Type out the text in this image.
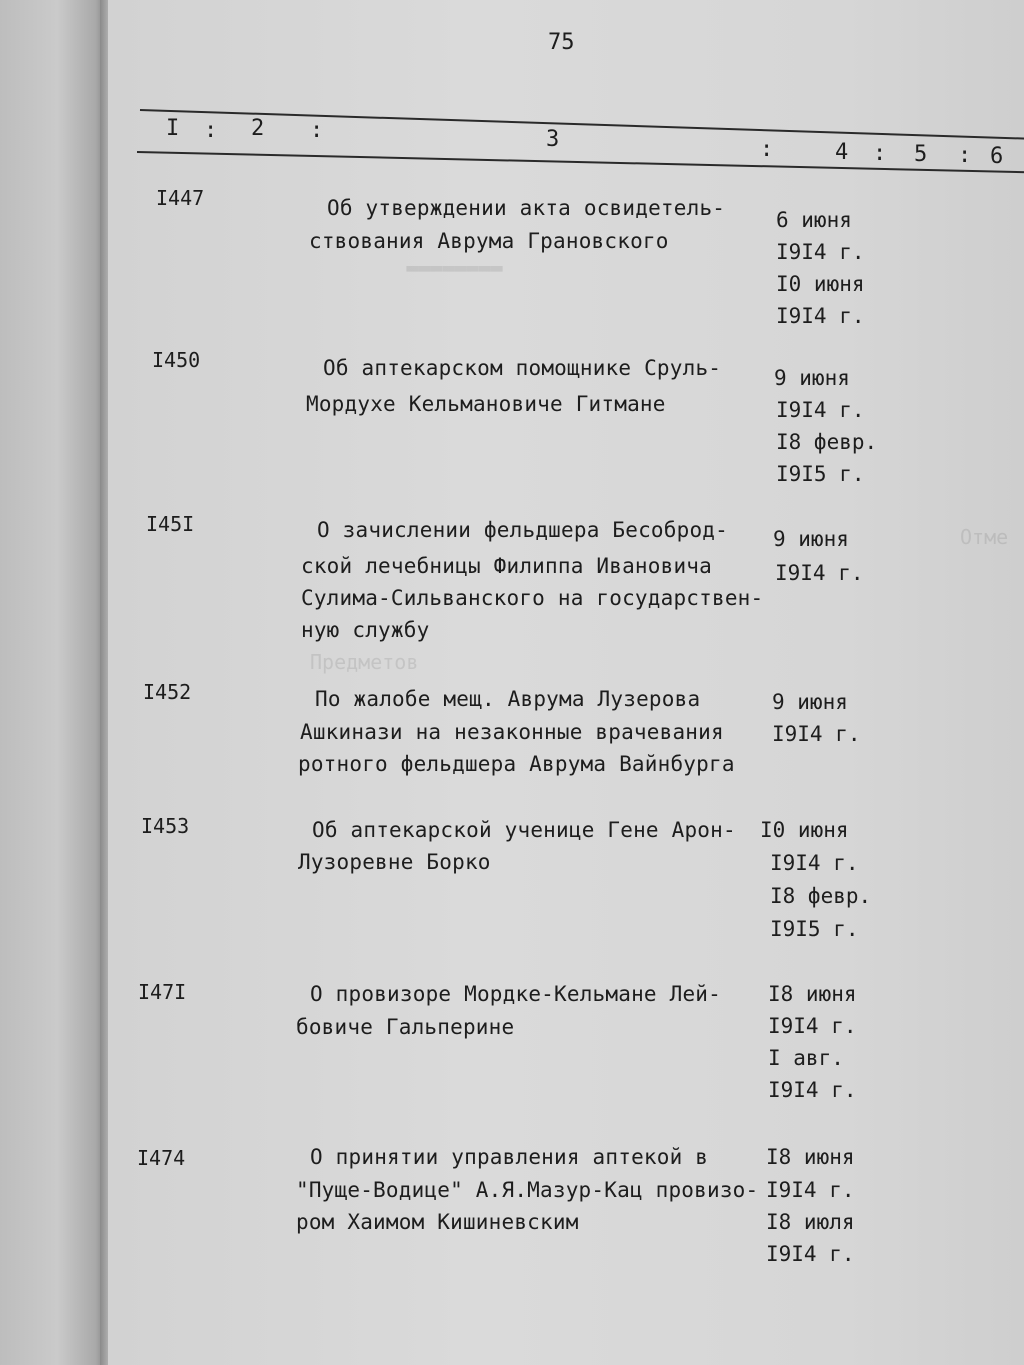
75
I : 2 :	3	:	4 : 5 : 6
▬▬▬▬▬▬▬▬
I447	Об утверждении акта освидетель-
ствования Аврума Грановского
6 июня
I9I4 г.
I0 июня
I9I4 г.
I450	Об аптекарском помощнике Сруль-
Мордухе Кельмановиче Гитмане
9 июня
I9I4 г.
I8 февр.
I9I5 г.
I45I	О зачислении фельдшера Бесоброд-
ской лечебницы Филиппа Ивановича
Сулима-Сильванского на государствен-
ную службу
9 июня
I9I4 г.
Предметов
Отме
I452	По жалобе мещ. Аврума Лузерова
Ашкинази на незаконные врачевания
ротного фельдшера Аврума Вайнбурга
9 июня
I9I4 г.
I453	Об аптекарской ученице Гене Арон-
Лузоревне Борко
I0 июня
I9I4 г.
I8 февр.
I9I5 г.
I47I	О провизоре Мордке-Кельмане Лей-
бовиче Гальперине
I8 июня
I9I4 г.
I авг.
I9I4 г.
I474	О принятии управления аптекой в
"Пуще-Водице" А.Я.Мазур-Кац провизо-
ром Хаимом Кишиневским
I8 июня
I9I4 г.
I8 июля
I9I4 г.
